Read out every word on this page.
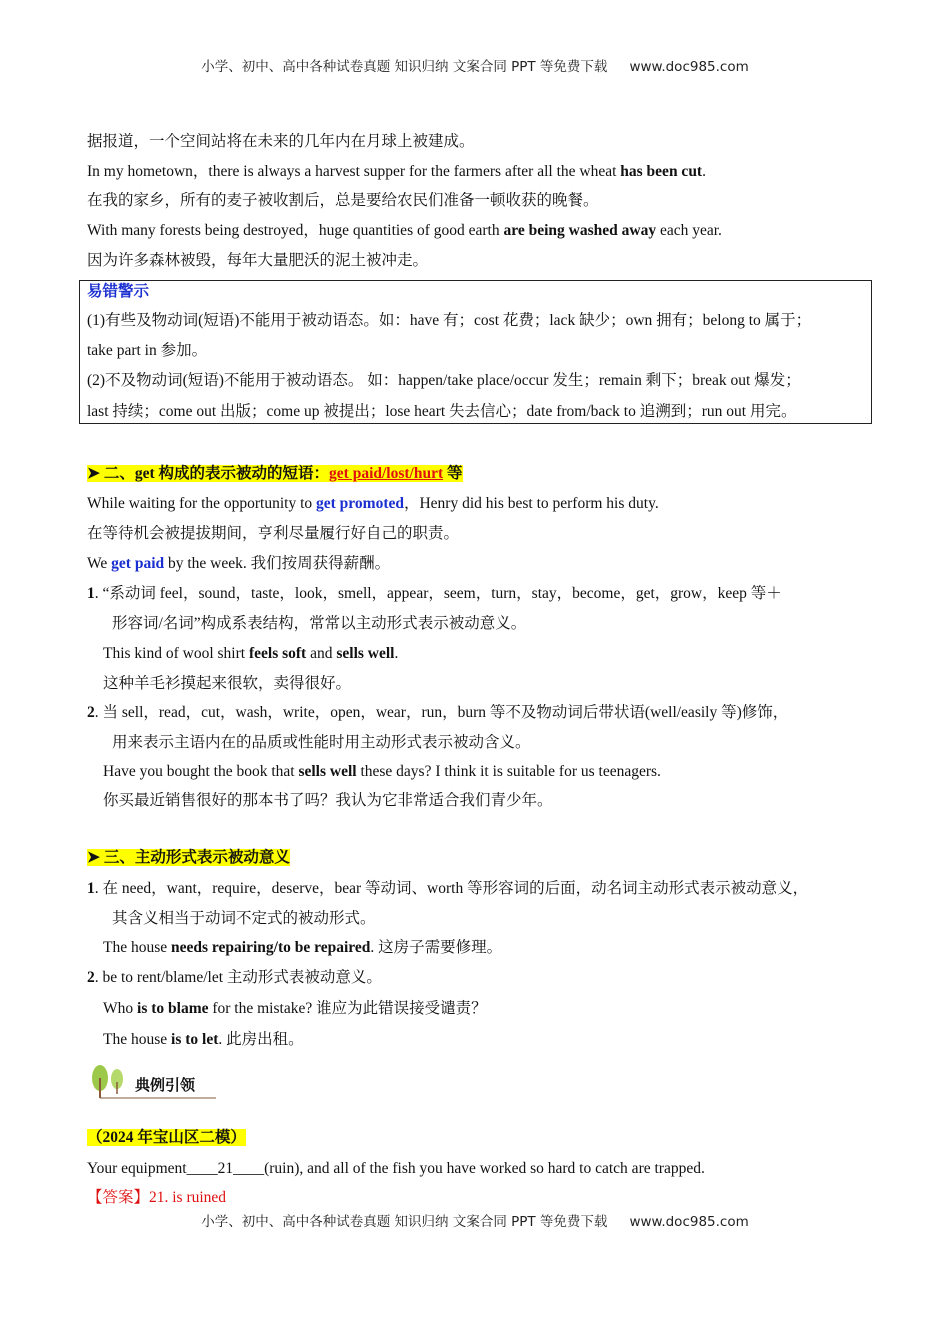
小学、初中、高中各种试卷真题 知识归纳 文案合同 PPT 等免费下载 www.doc985.com
据报道，一个空间站将在未来的几年内在月球上被建成。
In my hometown，there is always a harvest supper for the farmers after all the wheat has been cut.
在我的家乡，所有的麦子被收割后，总是要给农民们准备一顿收获的晚餐。
With many forests being destroyed，huge quantities of good earth are being washed away each year.
因为许多森林被毁，每年大量肥沃的泥土被冲走。
易错警示
(1)有些及物动词(短语)不能用于被动语态。如：have 有；cost 花费；lack 缺少；own 拥有；belong to 属于；
take part in 参加。
(2)不及物动词(短语)不能用于被动语态。 如：happen/take place/occur 发生；remain 剩下；break out 爆发；
last 持续；come out 出版；come up 被提出；lose heart 失去信心；date from/back to 追溯到；run out 用完。
➤ 二、get 构成的表示被动的短语：get paid/lost/hurt 等
While waiting for the opportunity to get promoted，Henry did his best to perform his duty.
在等待机会被提拔期间，亨利尽量履行好自己的职责。
We get paid by the week. 我们按周获得薪酬。
1. “系动词 feel，sound，taste，look，smell，appear，seem，turn，stay，become，get，grow，keep 等＋
形容词/名词”构成系表结构，常常以主动形式表示被动意义。
This kind of wool shirt feels soft and sells well.
这种羊毛衫摸起来很软，卖得很好。
2. 当 sell，read，cut，wash，write，open，wear，run，burn 等不及物动词后带状语(well/easily 等)修饰，
用来表示主语内在的品质或性能时用主动形式表示被动含义。
Have you bought the book that sells well these days? I think it is suitable for us teenagers.
你买最近销售很好的那本书了吗？我认为它非常适合我们青少年。
➤ 三、主动形式表示被动意义
1. 在 need，want，require，deserve，bear 等动词、worth 等形容词的后面，动名词主动形式表示被动意义，
其含义相当于动词不定式的被动形式。
The house needs repairing/to be repaired. 这房子需要修理。
2. be to rent/blame/let 主动形式表被动意义。
Who is to blame for the mistake? 谁应为此错误接受谴责？
The house is to let. 此房出租。
典例引领
（2024 年宝山区二模）
Your equipment____21____(ruin), and all of the fish you have worked so hard to catch are trapped.
【答案】21. is ruined
小学、初中、高中各种试卷真题 知识归纳 文案合同 PPT 等免费下载 www.doc985.com
